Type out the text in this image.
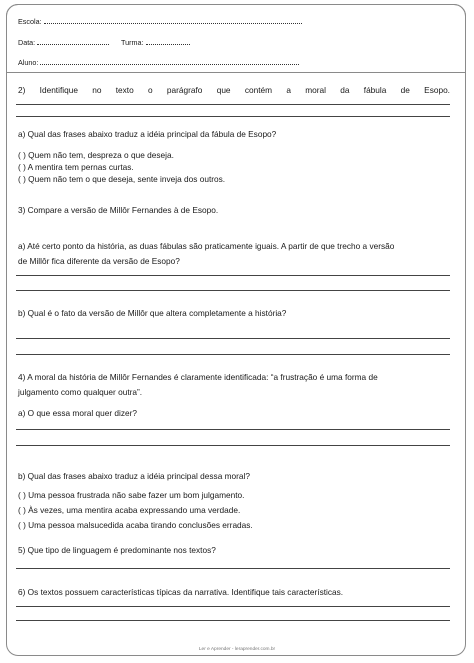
Escola:
Data:	Turma:
Aluno:
2) Identifique no texto o parágrafo que contém a moral da fábula de Esopo.
a) Qual das frases abaixo traduz a idéia principal da fábula de Esopo?
( ) Quem não tem, despreza o que deseja.
( ) A mentira tem pernas curtas.
( ) Quem não tem o que deseja, sente inveja dos outros.
3) Compare a versão de Millôr Fernandes à de Esopo.
a) Até certo ponto da história, as duas fábulas são praticamente iguais. A partir de que trecho a versão
de Millôr fica diferente da versão de Esopo?
b) Qual é o fato da versão de Millôr que altera completamente a história?
4) A moral da história de Millôr Fernandes é claramente identificada: “a frustração é uma forma de
julgamento como qualquer outra”.
a) O que essa moral quer dizer?
b) Qual das frases abaixo traduz a idéia principal dessa moral?
( ) Uma pessoa frustrada não sabe fazer um bom julgamento.
( ) Às vezes, uma mentira acaba expressando uma verdade.
( ) Uma pessoa malsucedida acaba tirando conclusões erradas.
5) Que tipo de linguagem é predominante nos textos?
6) Os textos possuem características típicas da narrativa. Identifique tais características.
Ler e Aprender - leraprender.com.br
